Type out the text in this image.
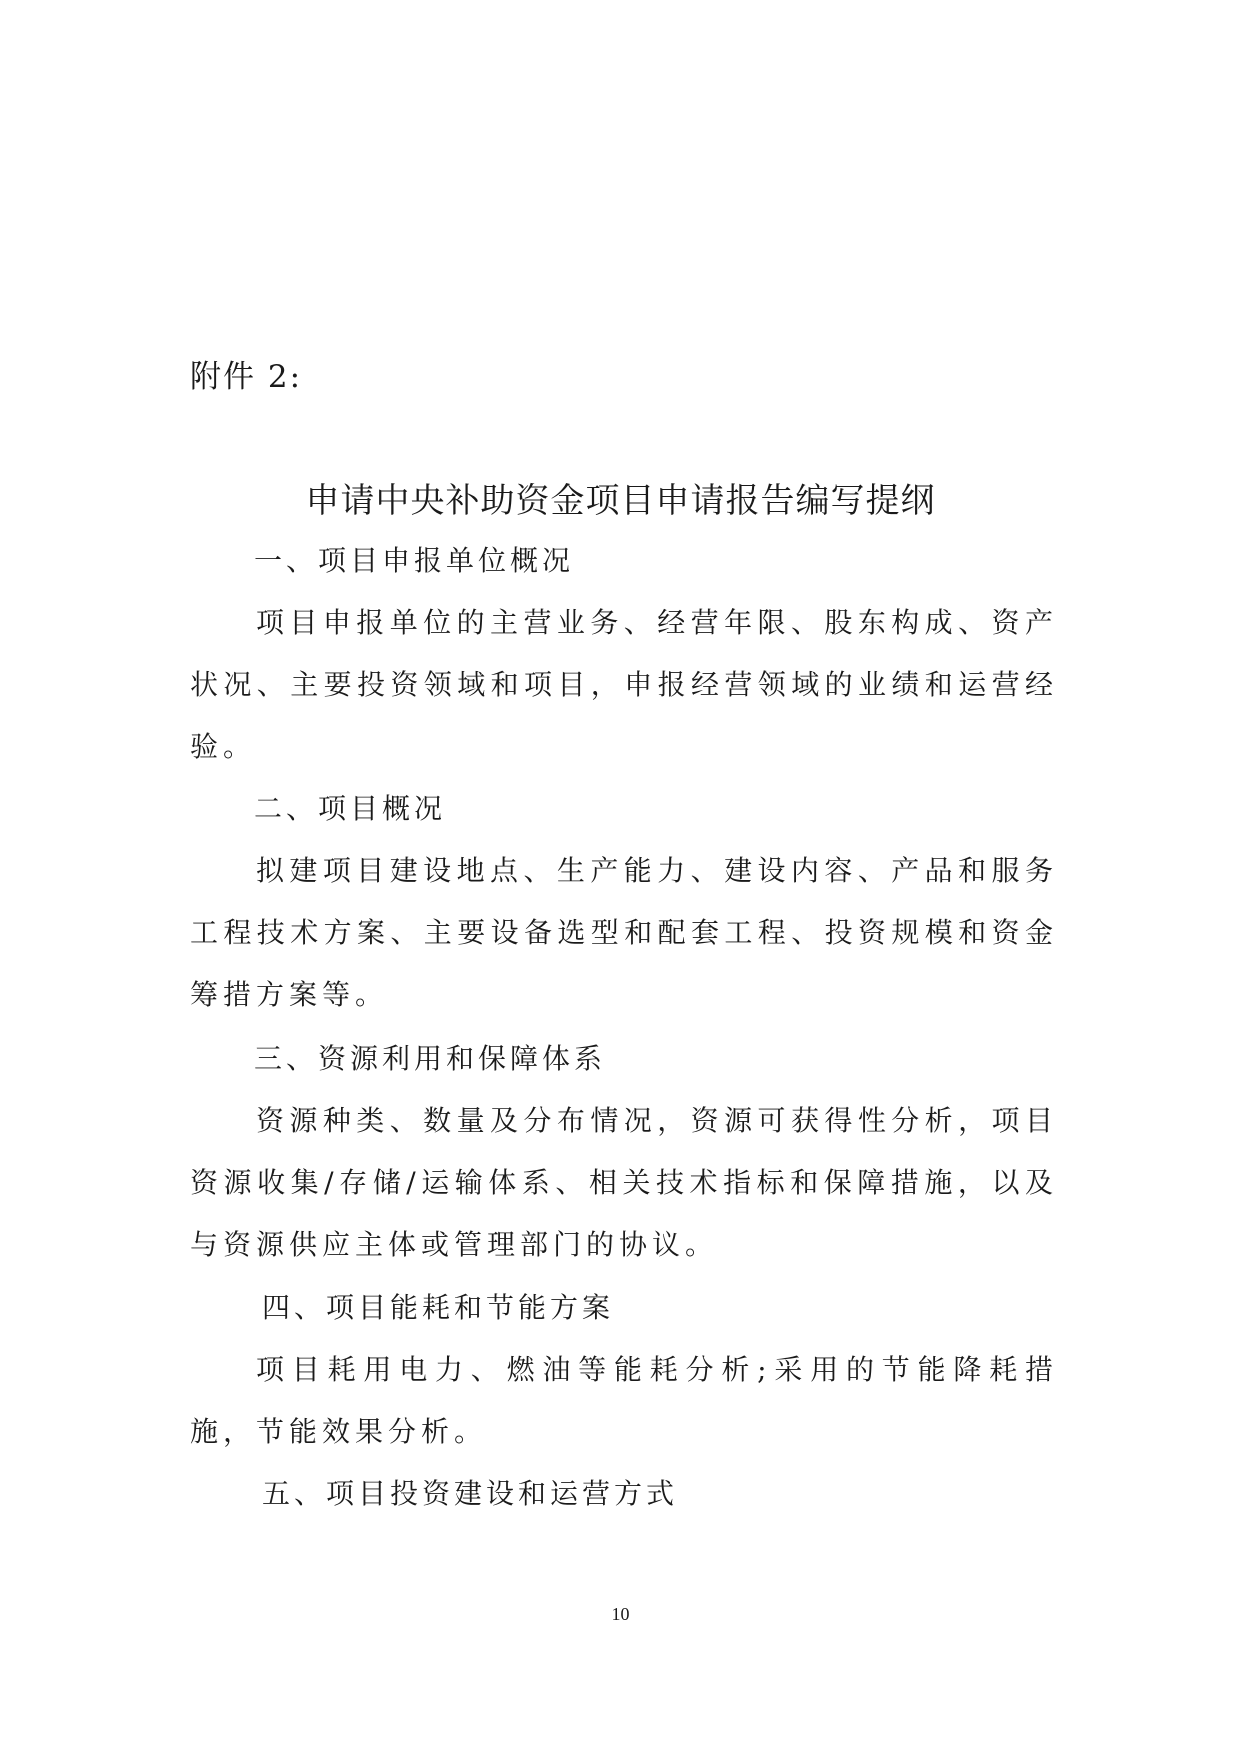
附件 2:
申请中央补助资金项目申请报告编写提纲
一、项目申报单位概况
项目申报单位的主营业务、经营年限、股东构成、资产状况、主要投资领域和项目，申报经营领域的业绩和运营经验。
二、项目概况
拟建项目建设地点、生产能力、建设内容、产品和服务工程技术方案、主要设备选型和配套工程、投资规模和资金筹措方案等。
三、资源利用和保障体系
资源种类、数量及分布情况，资源可获得性分析，项目资源收集/存储/运输体系、相关技术指标和保障措施，以及与资源供应主体或管理部门的协议。
四、项目能耗和节能方案
项目耗用电力、燃油等能耗分析;采用的节能降耗措施，节能效果分析。
五、项目投资建设和运营方式
10
